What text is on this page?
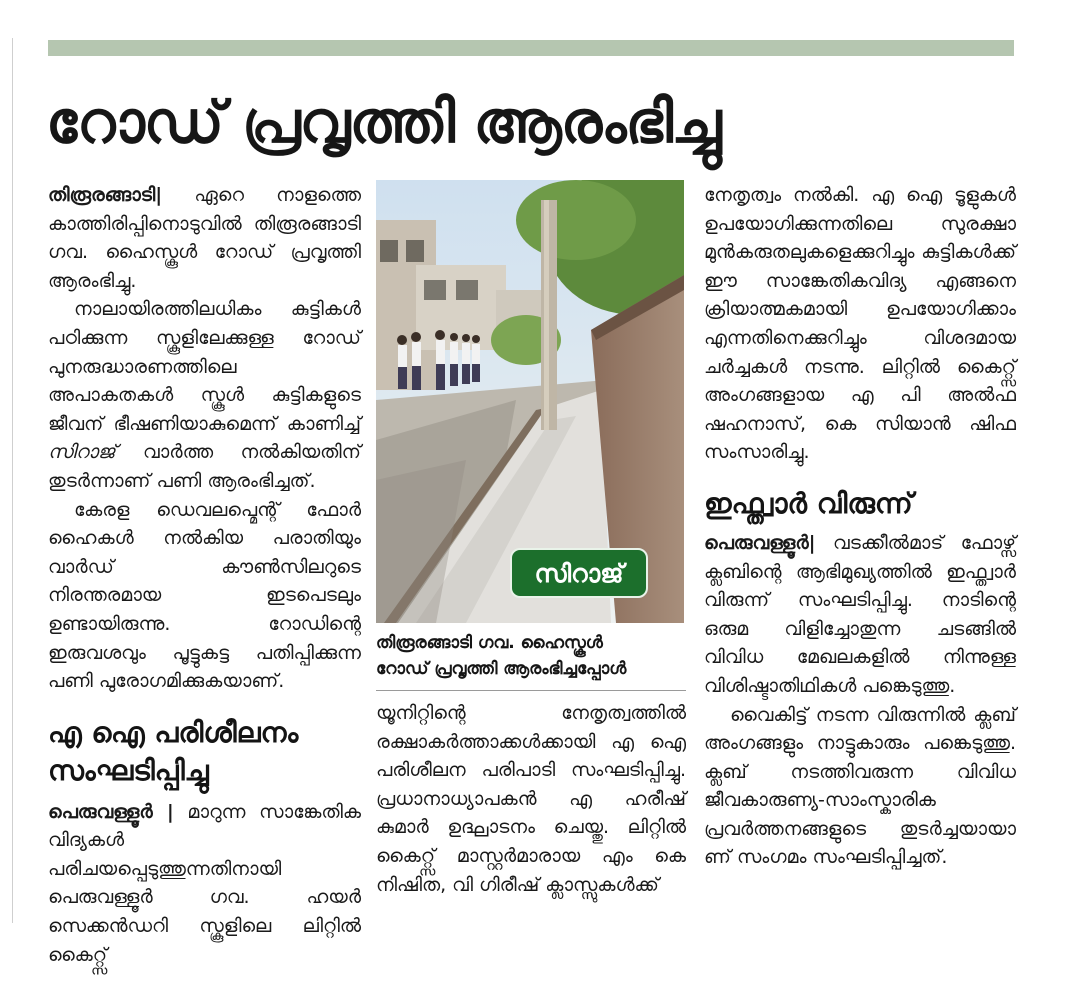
റോഡ് പ്രവൃത്തി ആരംഭിച്ചു

തിരൂരങ്ങാടി| ഏറെ നാളത്തെ കാത്തിരിപ്പിനൊടുവിൽ തിരൂരങ്ങാടി ഗവ. ഹൈസ്കൂൾ റോഡ് പ്രവൃത്തി ആരംഭിച്ചു.

നാലായിരത്തിലധികം കുട്ടികൾ പഠിക്കുന്ന സ്കൂളിലേക്കുള്ള റോഡ് പുനരുദ്ധാരണത്തിലെ അപാകതകൾ സ്കൂൾ കുട്ടികളുടെ ജീവന് ഭീഷണിയാകുമെന്ന് കാണിച്ച് സിറാജ് വാർത്ത നൽകിയതിന് തുടർന്നാണ് പണി ആരംഭിച്ചത്.

കേരള ഡെവലപ്മെന്റ് ഫോർ ഹൈകൾ നൽകിയ പരാതിയും വാർഡ് കൗൺസിലറുടെ നിരന്തരമായ ഇടപെടലും ഉണ്ടായിരുന്നു. റോഡിന്റെ ഇരുവശവും പൂട്ടുകട്ട പതിപ്പിക്കുന്ന പണി പുരോഗമിക്കുകയാണ്.

എ ഐ പരിശീലനം
സംഘടിപ്പിച്ചു

പെരുവള്ളൂർ | മാറുന്ന സാങ്കേതിക വിദ്യകൾ പരിചയപ്പെടുത്തുന്നതിനായി പെരുവള്ളൂർ ഗവ. ഹയർ സെക്കൻഡറി സ്കൂളിലെ ലിറ്റിൽ കൈറ്റ്സ്

സിറാജ്
തിരൂരങ്ങാടി ഗവ. ഹൈസ്കൂൾ
റോഡ് പ്രവൃത്തി ആരംഭിച്ചപ്പോൾ

യൂനിറ്റിന്റെ നേതൃത്വത്തിൽ രക്ഷാകർത്താക്കൾക്കായി എ ഐ പരിശീലന പരിപാടി സംഘടിപ്പിച്ചു. പ്രധാനാധ്യാപകൻ എ ഹരീഷ് കുമാർ ഉദ്ഘാടനം ചെയ്തു. ലിറ്റിൽ കൈറ്റ്സ് മാസ്റ്റർമാരായ എം കെ നിഷിത, വി ഗിരീഷ് ക്ലാസ്സുകൾക്ക്

നേതൃത്വം നൽകി. എ ഐ ടൂളുകൾ ഉപയോഗിക്കുന്നതിലെ സുരക്ഷാ മുൻകരുതലുകളെക്കുറിച്ചും കുട്ടികൾക്ക് ഈ സാങ്കേതികവിദ്യ എങ്ങനെ ക്രിയാത്മകമായി ഉപയോഗിക്കാം എന്നതിനെക്കുറിച്ചും വിശദമായ ചർച്ചകൾ നടന്നു. ലിറ്റിൽ കൈറ്റ്സ് അംഗങ്ങളായ എ പി അൽഫ ഷഹനാസ്, കെ സിയാൻ ഷിഫ സംസാരിച്ചു.

ഇഫ്ത്വാർ വിരുന്ന്

പെരുവള്ളൂർ| വടക്കീൽമാട് ഫോഴ്സ് ക്ലബിന്റെ ആഭിമുഖ്യത്തിൽ ഇഫ്ത്വാർ വിരുന്ന് സംഘടിപ്പിച്ചു. നാടിന്റെ ഒരുമ വിളിച്ചോതുന്ന ചടങ്ങിൽ വിവിധ മേഖലകളിൽ നിന്നുള്ള വിശിഷ്ടാതിഥികൾ പങ്കെടുത്തു.

വൈകിട്ട് നടന്ന വിരുന്നിൽ ക്ലബ് അംഗങ്ങളും നാട്ടുകാരും പങ്കെടുത്തു. ക്ലബ് നടത്തിവരുന്ന വിവിധ ജീവകാരുണ്യ-സാംസ്കാരിക പ്രവർത്തനങ്ങളുടെ തുടർച്ചയായാ ണ് സംഗമം സംഘടിപ്പിച്ചത്.
